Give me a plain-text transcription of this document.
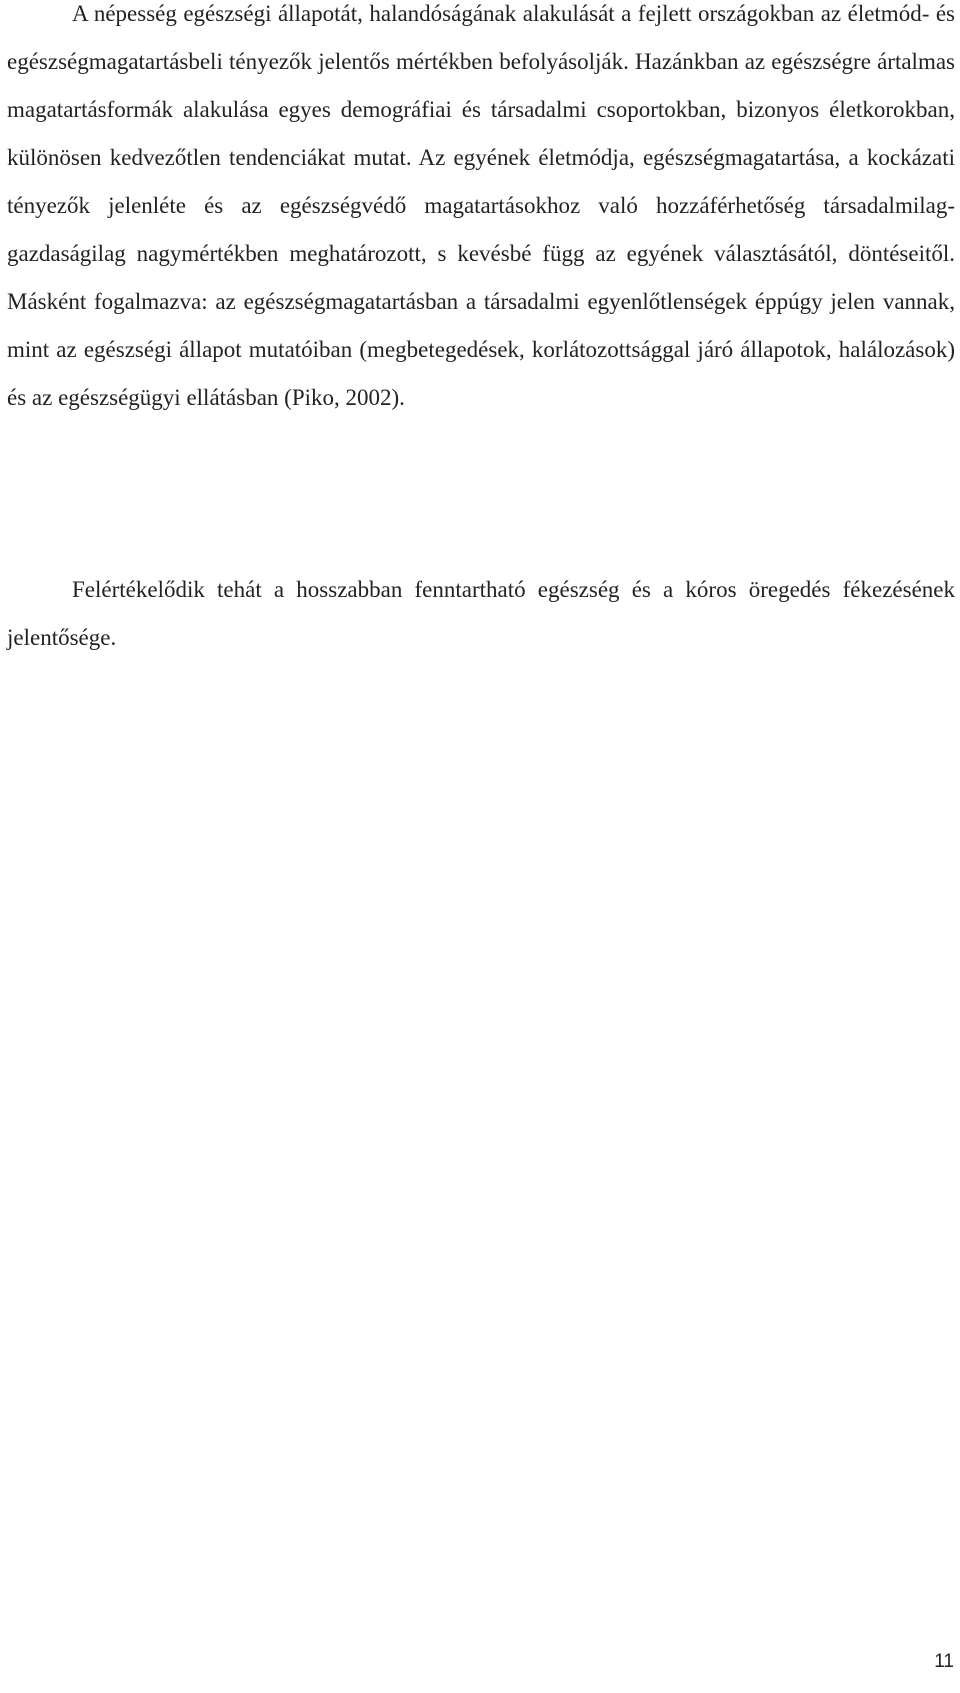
A népesség egészségi állapotát, halandóságának alakulását a fejlett országokban az életmód- és egészségmagatartásbeli tényezők jelentős mértékben befolyásolják. Hazánkban az egészségre ártalmas magatartásformák alakulása egyes demográfiai és társadalmi csoportokban, bizonyos életkorokban, különösen kedvezőtlen tendenciákat mutat. Az egyének életmódja, egészségmagatartása, a kockázati tényezők jelenléte és az egészségvédő magatartásokhoz való hozzáférhetőség társadalmilag-gazdaságilag nagymértékben meghatározott, s kevésbé függ az egyének választásától, döntéseitől. Másként fogalmazva: az egészségmagatartásban a társadalmi egyenlőtlenségek éppúgy jelen vannak, mint az egészségi állapot mutatóiban (megbetegedések, korlátozottsággal járó állapotok, halálozások) és az egészségügyi ellátásban (Piko, 2002).

Felértékelődik tehát a hosszabban fenntartható egészség és a kóros öregedés fékezésének jelentősége.

11
